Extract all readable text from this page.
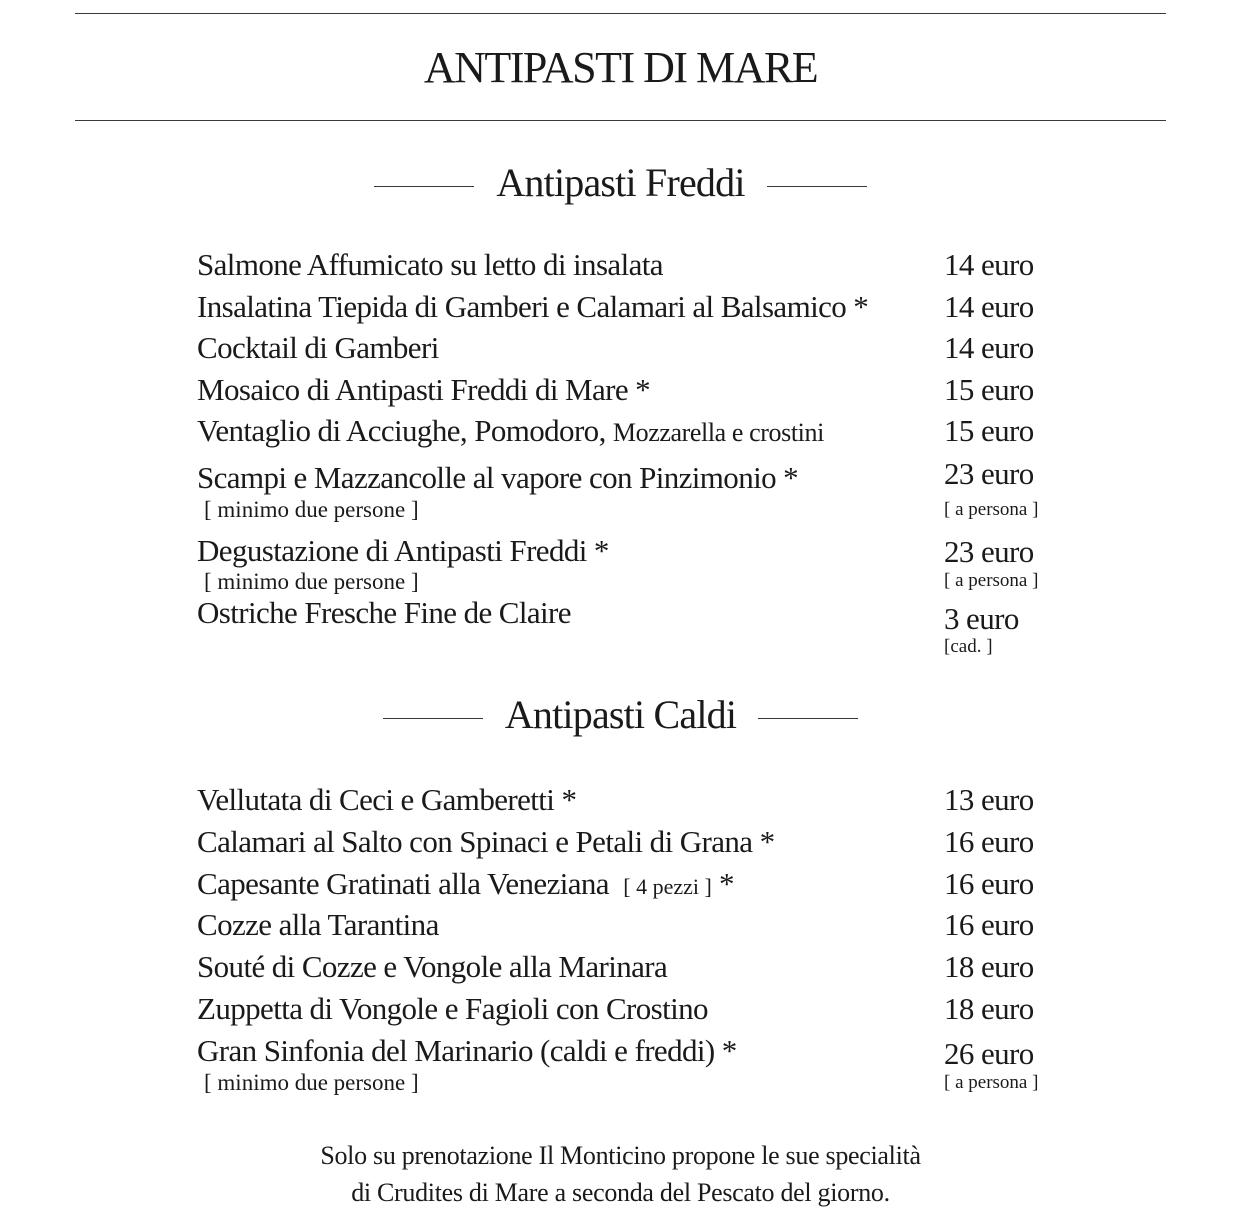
ANTIPASTI DI MARE
Antipasti Freddi
Salmone Affumicato su letto di insalata	14 euro
Insalatina Tiepida di Gamberi e Calamari al Balsamico * 14 euro
Cocktail di Gamberi	14 euro
Mosaico di Antipasti Freddi di Mare *	15 euro
Ventaglio di Acciughe, Pomodoro, Mozzarella e crostini	15 euro
Scampi e Mazzancolle al vapore con Pinzimonio *	23 euro
[ minimo due persone ]	[ a persona ]
Degustazione di Antipasti Freddi *	23 euro
[ minimo due persone ]	[ a persona ]
Ostriche Fresche Fine de Claire	3 euro
[cad. ]
Antipasti Caldi
Vellutata di Ceci e Gamberetti *	13 euro
Calamari al Salto con Spinaci e Petali di Grana *	16 euro
Capesante Gratinati alla Veneziana [ 4 pezzi ] *	16 euro
Cozze alla Tarantina	16 euro
Souté di Cozze e Vongole alla Marinara	18 euro
Zuppetta di Vongole e Fagioli con Crostino	18 euro
Gran Sinfonia del Marinario (caldi e freddi) *	26 euro
[ minimo due persone ]	[ a persona ]
Solo su prenotazione Il Monticino propone le sue specialità
di Crudites di Mare a seconda del Pescato del giorno.
